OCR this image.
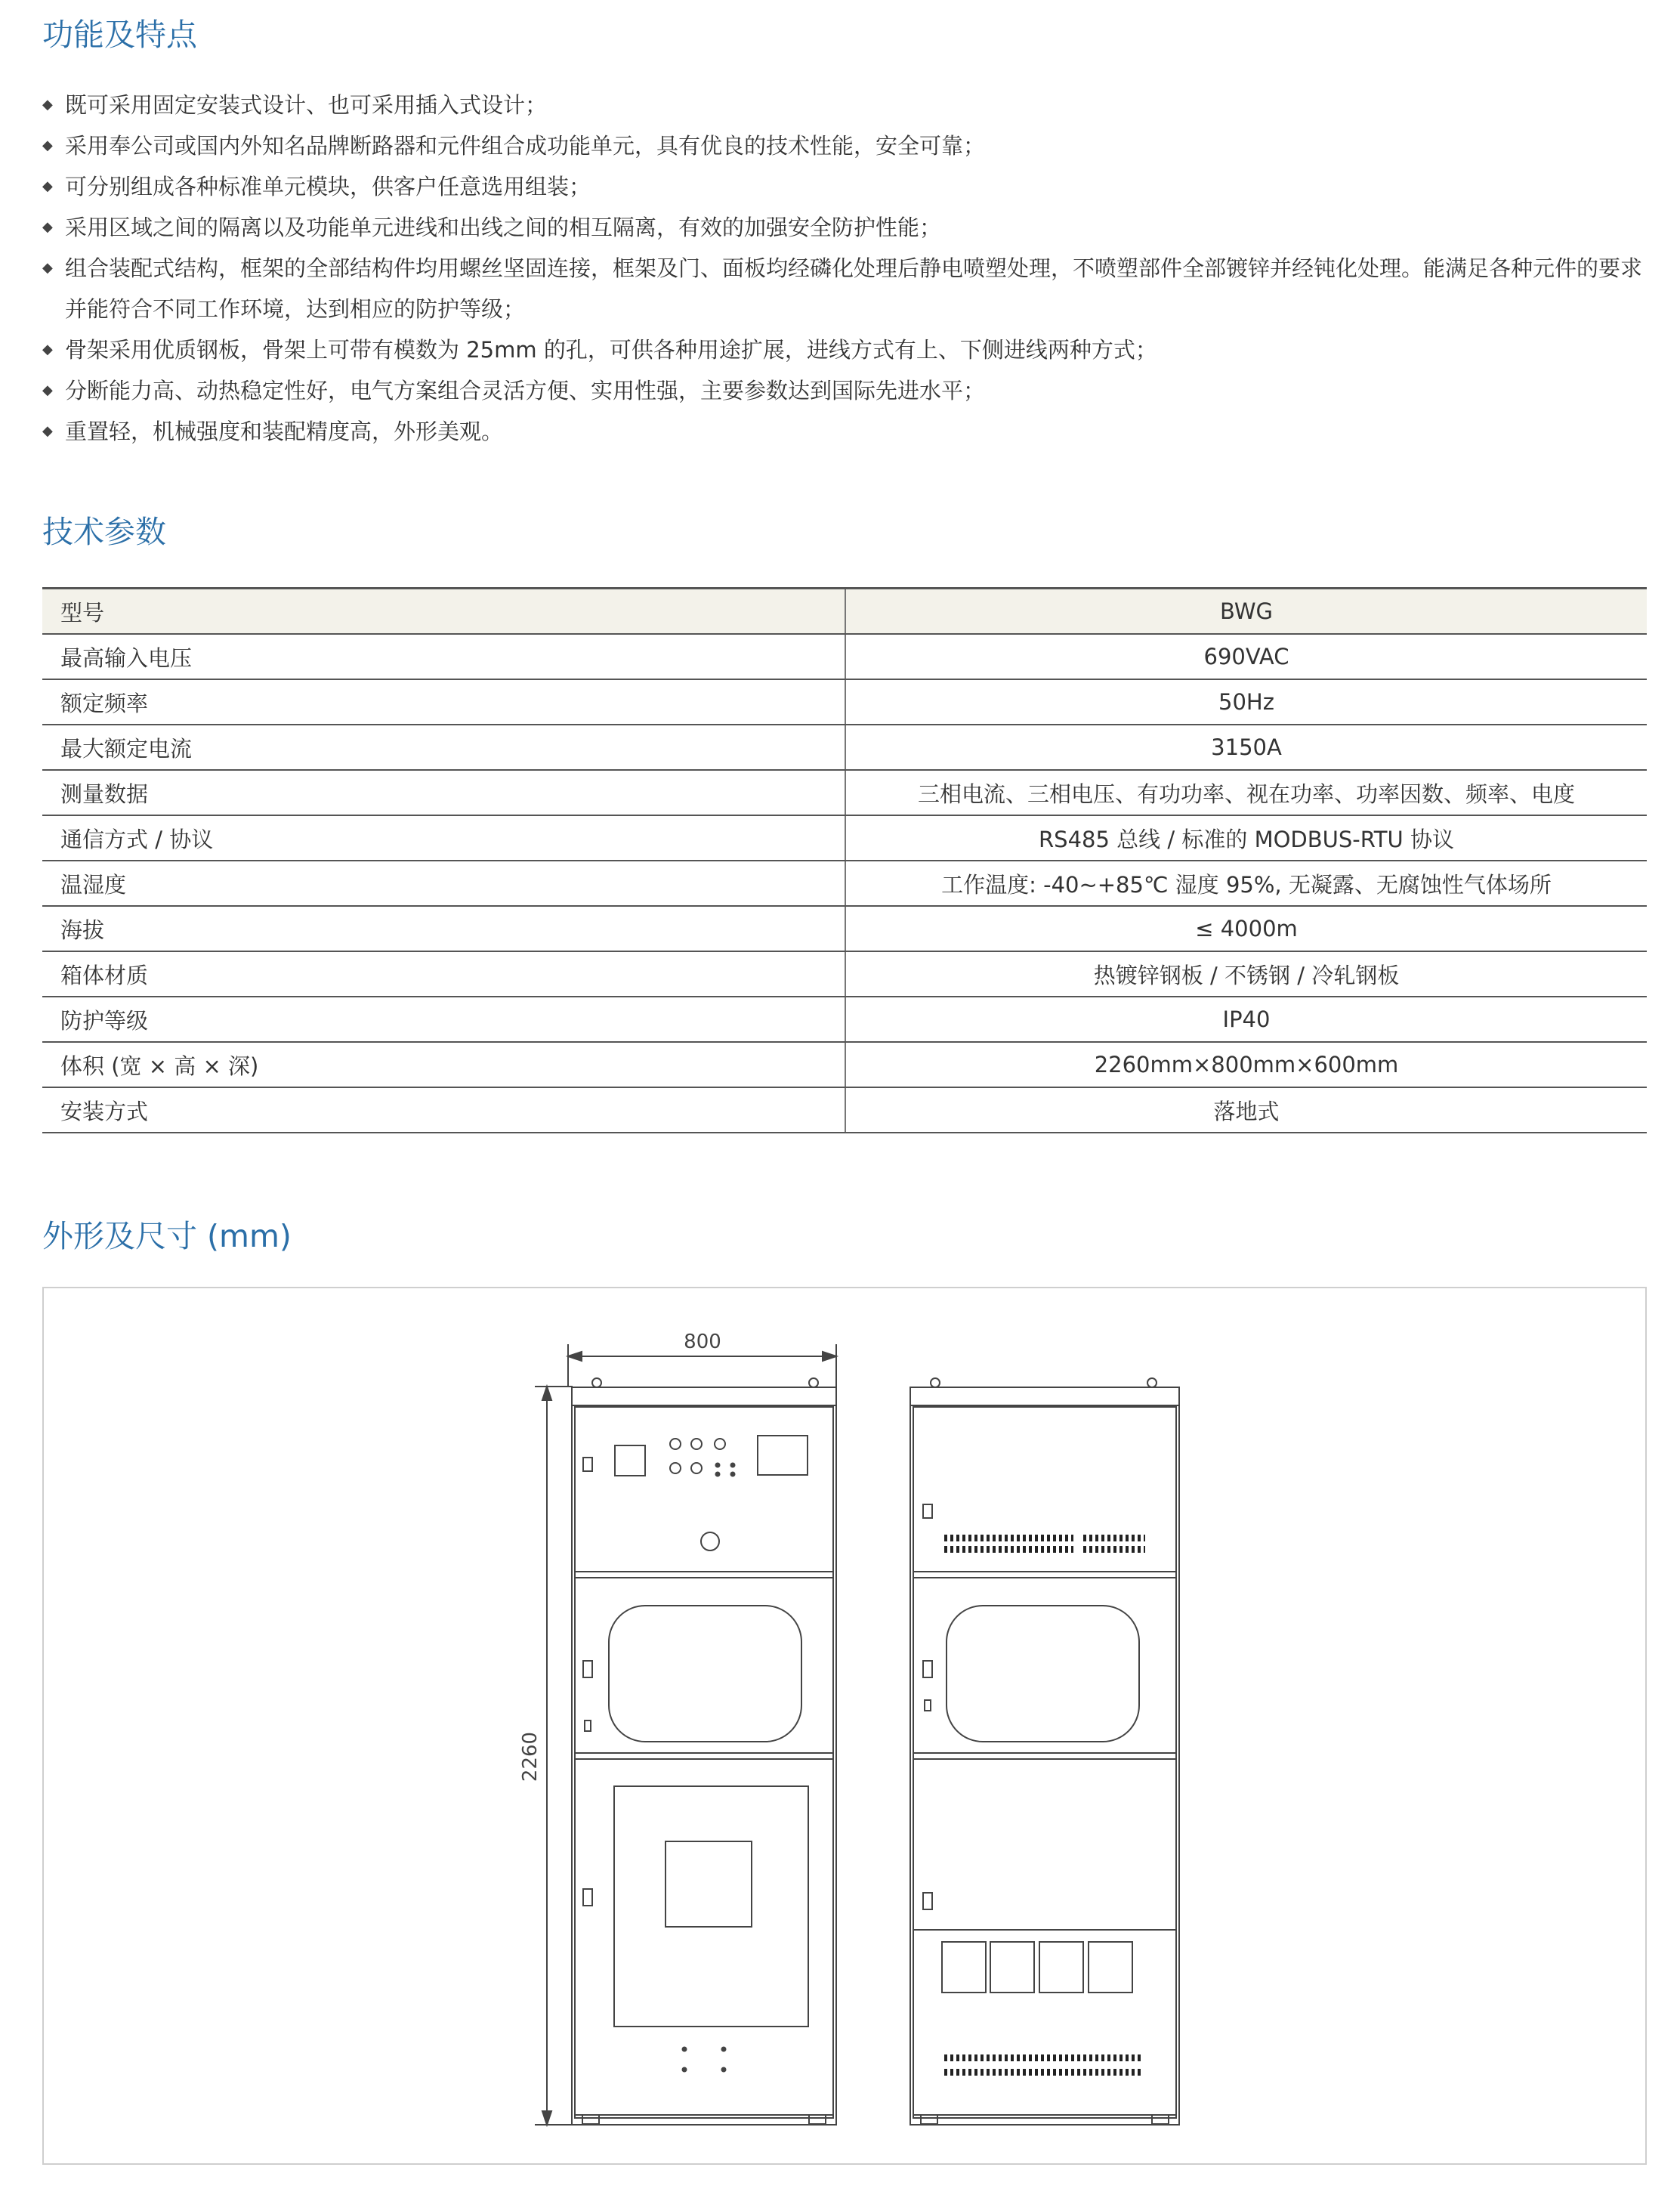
功能及特点
◆ 既可采用固定安装式设计、也可采用插入式设计；
◆ 采用奉公司或国内外知名品牌断路器和元件组合成功能单元，具有优良的技术性能，安全可靠；
◆ 可分别组成各种标准单元模块，供客户任意选用组装；
◆ 采用区域之间的隔离以及功能单元进线和出线之间的相互隔离，有效的加强安全防护性能；
◆ 组合装配式结构，框架的全部结构件均用螺丝坚固连接，框架及门、面板均经磷化处理后静电喷塑处理，不喷塑部件全部镀锌并经钝化处理。能满足各种元件的要求并能符合不同工作环境，达到相应的防护等级；
◆ 骨架采用优质钢板，骨架上可带有模数为 25mm 的孔，可供各种用途扩展，进线方式有上、下侧进线两种方式；
◆ 分断能力高、动热稳定性好，电气方案组合灵活方便、实用性强，主要参数达到国际先进水平；
◆ 重置轻，机械强度和装配精度高，外形美观。
技术参数
型号	BWG
最高输入电压	690VAC
额定频率	50Hz
最大额定电流	3150A
测量数据	三相电流、三相电压、有功功率、视在功率、功率因数、频率、电度
通信方式 / 协议	RS485 总线 / 标准的 MODBUS-RTU 协议
温湿度	工作温度: -40~+85℃ 湿度 95%, 无凝露、无腐蚀性气体场所
海拔	≤ 4000m
箱体材质	热镀锌钢板 / 不锈钢 / 冷轧钢板
防护等级	IP40
体积 (宽 × 高 × 深)	2260mm×800mm×600mm
安装方式	落地式
外形及尺寸 (mm)
800
2260
